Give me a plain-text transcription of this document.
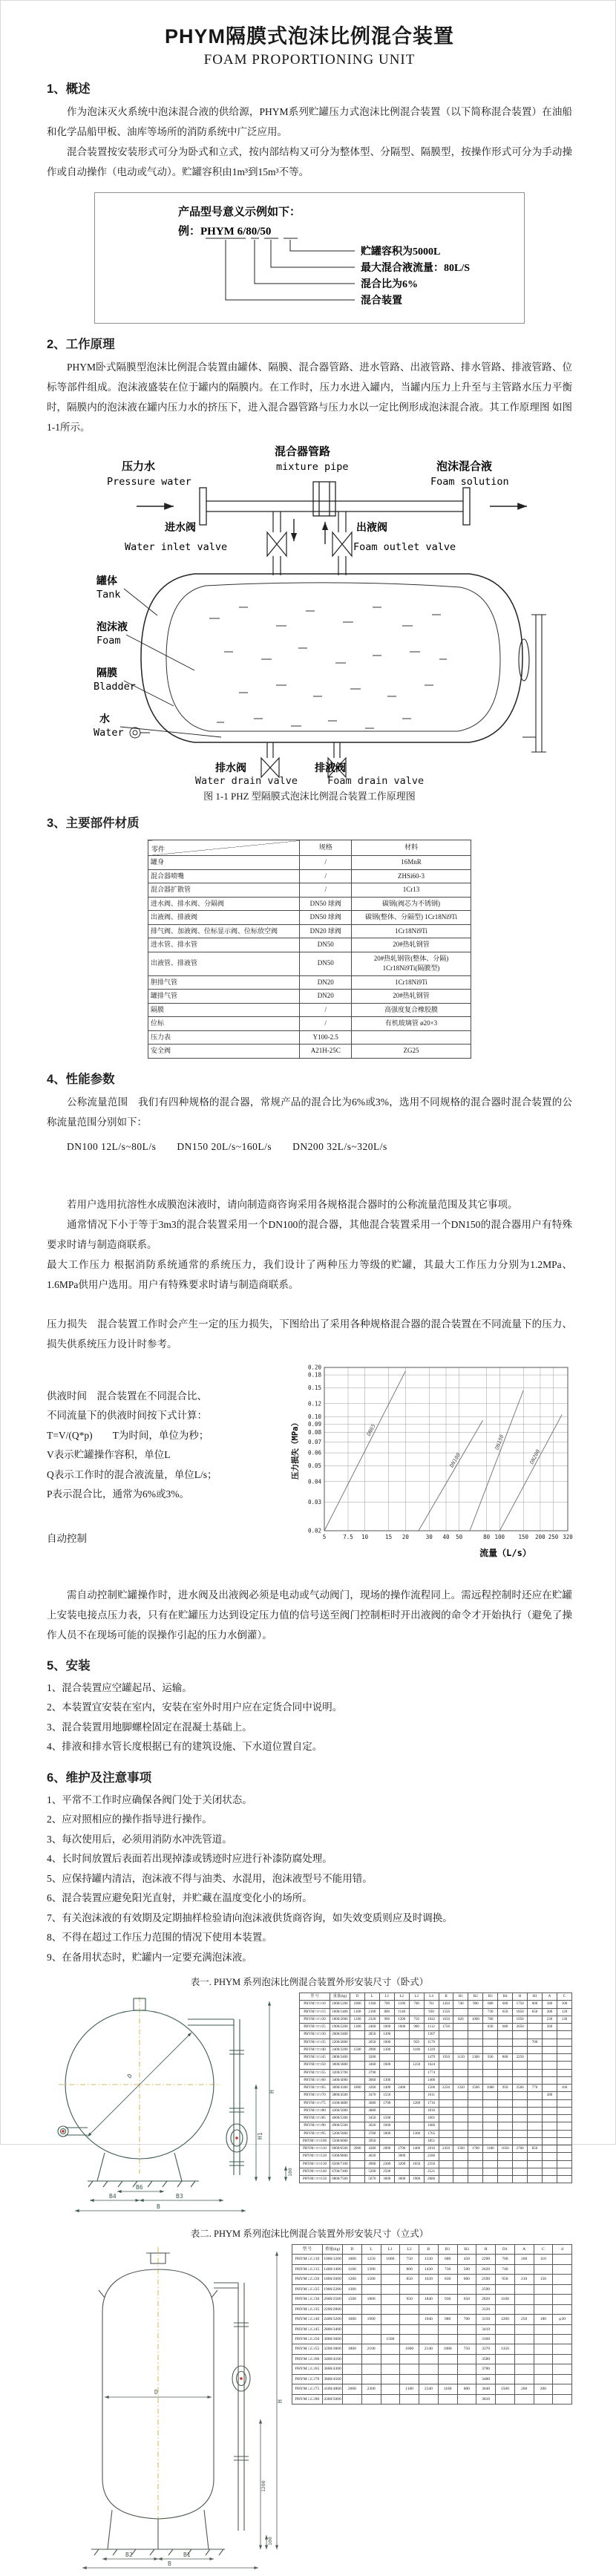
PHYM隔膜式泡沫比例混合装置
FOAM PROPORTIONING UNIT
1、概述

作为泡沫灭火系统中泡沫混合液的供给源，PHYM系列贮罐压力式泡沫比例混合装置（以下简称混合装置）在油船和化学品船甲板、油库等场所的消防系统中广泛应用。

混合装置按安装形式可分为卧式和立式，按内部结构又可分为整体型、分隔型、隔膜型，按操作形式可分为手动操作或自动操作（电动或气动）。贮罐容积由1m³到15m³不等。

产品型号意义示例如下：
例：PHYM 6/80/50
贮罐容积为5000L
最大混合液流量：80L/S
混合比为6%
混合装置
2、工作原理

PHYM卧式隔膜型泡沫比例混合装置由罐体、隔膜、混合器管路、进水管路、出液管路、排水管路、排液管路、位标等部件组成。泡沫液盛装在位于罐内的隔膜内。在工作时，压力水进入罐内，当罐内压力上升至与主管路水压力平衡时，隔膜内的泡沫液在罐内压力水的挤压下，进入混合器管路与压力水以一定比例形成泡沫混合液。其工作原理图 如图1-1所示。

压力水
Pressure water
混合器管路
mixture pipe	泡沫混合液
Foam solution
进水阀
Water inlet valve
出液阀
Foam outlet valve
罐体
Tank
泡沫液
Foam
隔膜
Bladder
水
Water
排水阀	排液阀
Water drain valve	Foam drain valve
图 1-1 PHZ 型隔膜式泡沫比例混合装置工作原理图
3、主要部件材质
零件	规格	材料
罐身	/	16MnR
混合器喷嘴	/	ZHSi60-3
混合器扩散管	/	1Cr13
进水阀、排水阀、分隔阀	DN50 球阀	碳钢(阀芯为不锈钢)
出液阀、排液阀	DN50 球阀	碳钢(整体、分隔型) 1Cr18Ni9Ti
排气阀、加液阀、位标显示阀、位标放空阀	DN20 球阀	1Cr18Ni9Ti
进水管、排水管	DN50	20#热轧钢管
出液管、排液管	DN50	20#热轧钢管(整体、分隔) 1Cr18Ni9Ti(隔膜型)
胆排气管	DN20	1Cr18Ni9Ti
罐排气管	DN20	20#热轧钢管
隔膜	/	高强度复合橡胶膜
位标	/	有机玻璃管 ø20×3
压力表	Y100-2.5	
安全阀	A21H-25C	ZG25
4、性能参数

公称流量范围　我们有四种规格的混合器，常规产品的混合比为6%或3%，选用不同规格的混合器时混合装置的公称流量范围分别如下：

DN100 12L/s~80L/s　　DN150 20L/s~160L/s　　DN200 32L/s~320L/s

若用户选用抗溶性水成膜泡沫液时，请向制造商咨询采用各规格混合器时的公称流量范围及其它事项。

通常情况下小于等于3m3的混合装置采用一个DN100的混合器，其他混合装置采用一个DN150的混合器用户有特殊要求时请与制造商联系。

最大工作压力 根据消防系统通常的系统压力，我们设计了两种压力等级的贮罐，其最大工作压力分别为1.2MPa、1.6MPa供用户选用。用户有特殊要求时请与制造商联系。

压力损失　混合装置工作时会产生一定的压力损失，下图给出了采用各种规格混合器的混合装置在不同流量下的压力、损失供系统压力设计时参考。

供液时间　混合装置在不同混合比、
不同流量下的供液时间按下式计算：
T=V/(Q*p)　　T为时间，单位为秒；
V表示贮罐操作容积，单位L
Q表示工作时的混合液流量，单位L/s；
P表示混合比，通常为6%或3%。
自动控制	5	7.5 10	15 20	30 40 50	80 100 150 200 250 320
0.02
0.03
0.04
0.05
0.06
0.07
0.08
0.09
0.10
0.12
0.15
0.18
0.20
DN65
DN100
DN150
DN200
流量（L/s）
压力损失（MPa）

需自动控制贮罐操作时，进水阀及出液阀必须是电动或气动阀门，现场的操作流程同上。需远程控制时还应在贮罐上安装电接点压力表，只有在贮罐压力达到设定压力值的信号送至阀门控制柜时开出液阀的命令才开始执行（避免了操作人员不在现场可能的误操作引起的压力水倒灌）。

5、安装
1、混合装置应空罐起吊、运输。
2、本装置宜安装在室内，安装在室外时用户应在定货合同中说明。
3、混合装置用地脚螺栓固定在混凝土基础上。
4、排液和排水管长度根据已有的建筑设施、下水道位置自定。
6、维护及注意事项
1、平常不工作时应确保各阀门处于关闭状态。
2、应对照相应的操作指导进行操作。
3、每次使用后，必须用消防水冲洗管道。
4、长时间放置后表面若出现掉漆或锈迹时应进行补漆防腐处理。
5、应保持罐内清洁，泡沫液不得与油类、水混用，泡沫液型号不能用错。
6、混合装置应避免阳光直射，并贮藏在温度变化小的场所。
7、有关泡沫液的有效期及定期抽样检验请向泡沫液供货商咨询，如失效变质则应及时调换。
8、不得在超过工作压力范围的情况下使用本装置。
9、在备用状态时，贮罐内一定要充满泡沫液。
表一. PHYM 系列泡沫比例混合装置外形安装尺寸（卧式）
D
H
H1
180
B6
B4	B3
B
型 号	重量(kg)	D	L	L1	L2	L3	L4	B	B1	B2	B3	B4	H	H1	A	C
PHYM □/□/10	1000/1200	1000	1360	700	1100	700	761	1450	740	900	680	600	1750	600	180	100
PHYM □/□/15	1600/1400	1100	2100	800	1140		930	1550			730	650	1850	650	200	120
PHYM □/□/20	1800/2000	1200	2320	900	1200	750	1042	1650	820	1000	780		1950		230	130
PHYM □/□/25	1900/2200	1300	2460	1000	1600	900	1112	1750			830	680	2050		260	
PHYM □/□/30	2000/2400		2850	1300			1307									
PHYM □/□/35	2200/2800		2650	1000		950	1179							700		
PHYM □/□/40	2400/3200	1500	2900	1300		1100	1329									
PHYM □/□/45	2800/3400		3200				1479	1950	1120	1300	930	800	2250			
PHYM □/□/50	3000/3800		3460	1600		1250	1624									
PHYM □/□/55	3200/3700		3790				1774									
PHYM □/□/60	3400/4000		3060	1300			1406									
PHYM □/□/65	3600/4300	1800	3260	1400	2400		1506	2250	1320	1500	1080	950	2560	770		160
PHYM □/□/70	3800/4500		3470	1550			1611								280	
PHYM □/□/75	4100/4800		3680	1700		1200	1716									
PHYM □/□/80	4300/5000		3880				1816									
PHYM □/□/85	4600/5300		3450	1500			1601									
PHYM □/□/90	4900/5500		3620	1600			1686									
PHYM □/□/95	5200/5800		3780	1800		1300	1765									
PHYM □/□/100	5500/6000		3950				1851									
PHYM □/□/110	6000/6500	2000	4280	2000	2700	1400	2016	2450	1500	1700	1180	1050	2760	850		
PHYM □/□/120	6300/6800		4620		3000		2186									
PHYM □/□/130	6500/7100		4960	2300	3200	1650	2356									
PHYM □/□/140	6700/7400		5200	2500			2521									
PHYM □/□/150	6800/7500		5670	3000	3600	1900	2686									
表二. PHYM 系列泡沫比例混合装置外形安装尺寸（立式）
D
H
1200
100
B2	B1
B
型 号	重量(kg)	D	L	L1	L2	B	B1	B2	H	D1	A	C	d
PHYM □/□/10	1000/1200	1000	1250	1000	750	1330	680	450	2290	700	160	110	
PHYM □/□/15	1400/1400	1100	1390		800	1430	730	500	2620	740			
PHYM □/□/20	1800/2000	1200	1500		850	1630	830	600	2590	950	210	150	
PHYM □/□/25	1900/2200	1300							2590				
PHYM □/□/30	2000/2500	1500	1800		950	1840	930	650	2820	1100			
PHYM □/□/35	2200/2800								3120				
PHYM □/□/40	2400/3200	1600	1900			1940	980	700	3150	1200	250	180	φ30
PHYM □/□/45	2800/3400								3410				
PHYM □/□/50	3000/3600			1500					3160				
PHYM □/□/55	3200/3800	1800	2100		1000	2140	1080	750	3370	1350			
PHYM □/□/60	3400/4100								3580				
PHYM □/□/65	3600/4300								3780				
PHYM □/□/70	3800/4500								3480				
PHYM □/□/75	4100/4800	2000	2300		1100	2340	1180	800	3640	1500	260	200	
PHYM □/□/80	4300/5000								3810				
